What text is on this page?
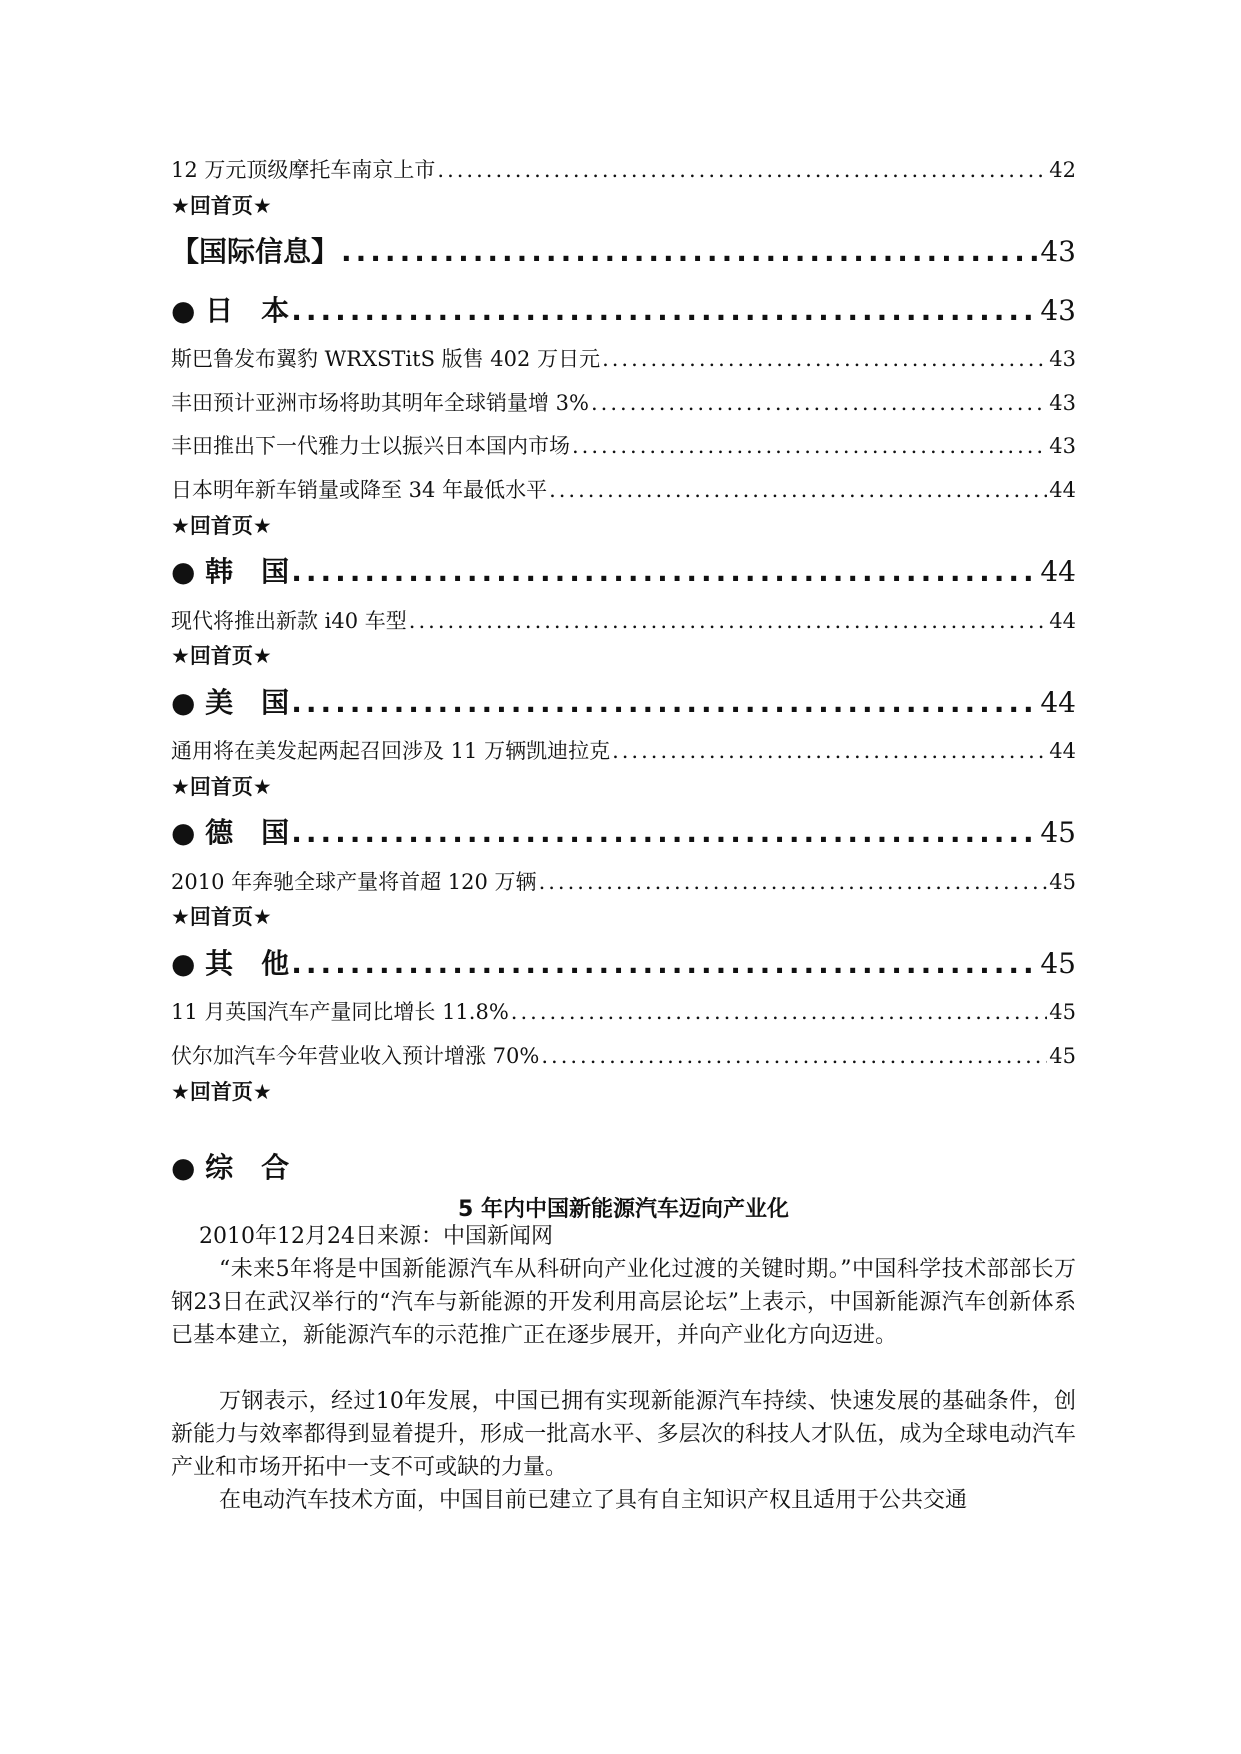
12 万元顶级摩托车南京上市 .....	42
★回首页★
【国际信息】 .....	43
● 日　本 .....	43
斯巴鲁发布翼豹 WRXSTitS 版售 402 万日元 .....	43
丰田预计亚洲市场将助其明年全球销量增 3% .....	43
丰田推出下一代雅力士以振兴日本国内市场 .....	43
日本明年新车销量或降至 34 年最低水平 .....	44
★回首页★
● 韩　国 .....	44
现代将推出新款 i40 车型 .....	44
★回首页★
● 美　国 .....	44
通用将在美发起两起召回涉及 11 万辆凯迪拉克 .....	44
★回首页★
● 德　国 .....	45
2010 年奔驰全球产量将首超 120 万辆 .....	45
★回首页★
● 其　他 .....	45
11 月英国汽车产量同比增长 11.8% .....	45
伏尔加汽车今年营业收入预计增涨 70% .....	45
★回首页★
● 综　合
5 年内中国新能源汽车迈向产业化
2010年12月24日来源：中国新闻网
“未来5年将是中国新能源汽车从科研向产业化过渡的关键时期。”中国科学技术部部长万钢23日在武汉举行的“汽车与新能源的开发利用高层论坛”上表示，中国新能源汽车创新体系已基本建立，新能源汽车的示范推广正在逐步展开，并向产业化方向迈进。
万钢表示，经过10年发展，中国已拥有实现新能源汽车持续、快速发展的基础条件，创新能力与效率都得到显着提升，形成一批高水平、多层次的科技人才队伍，成为全球电动汽车产业和市场开拓中一支不可或缺的力量。
在电动汽车技术方面，中国目前已建立了具有自主知识产权且适用于公共交通
